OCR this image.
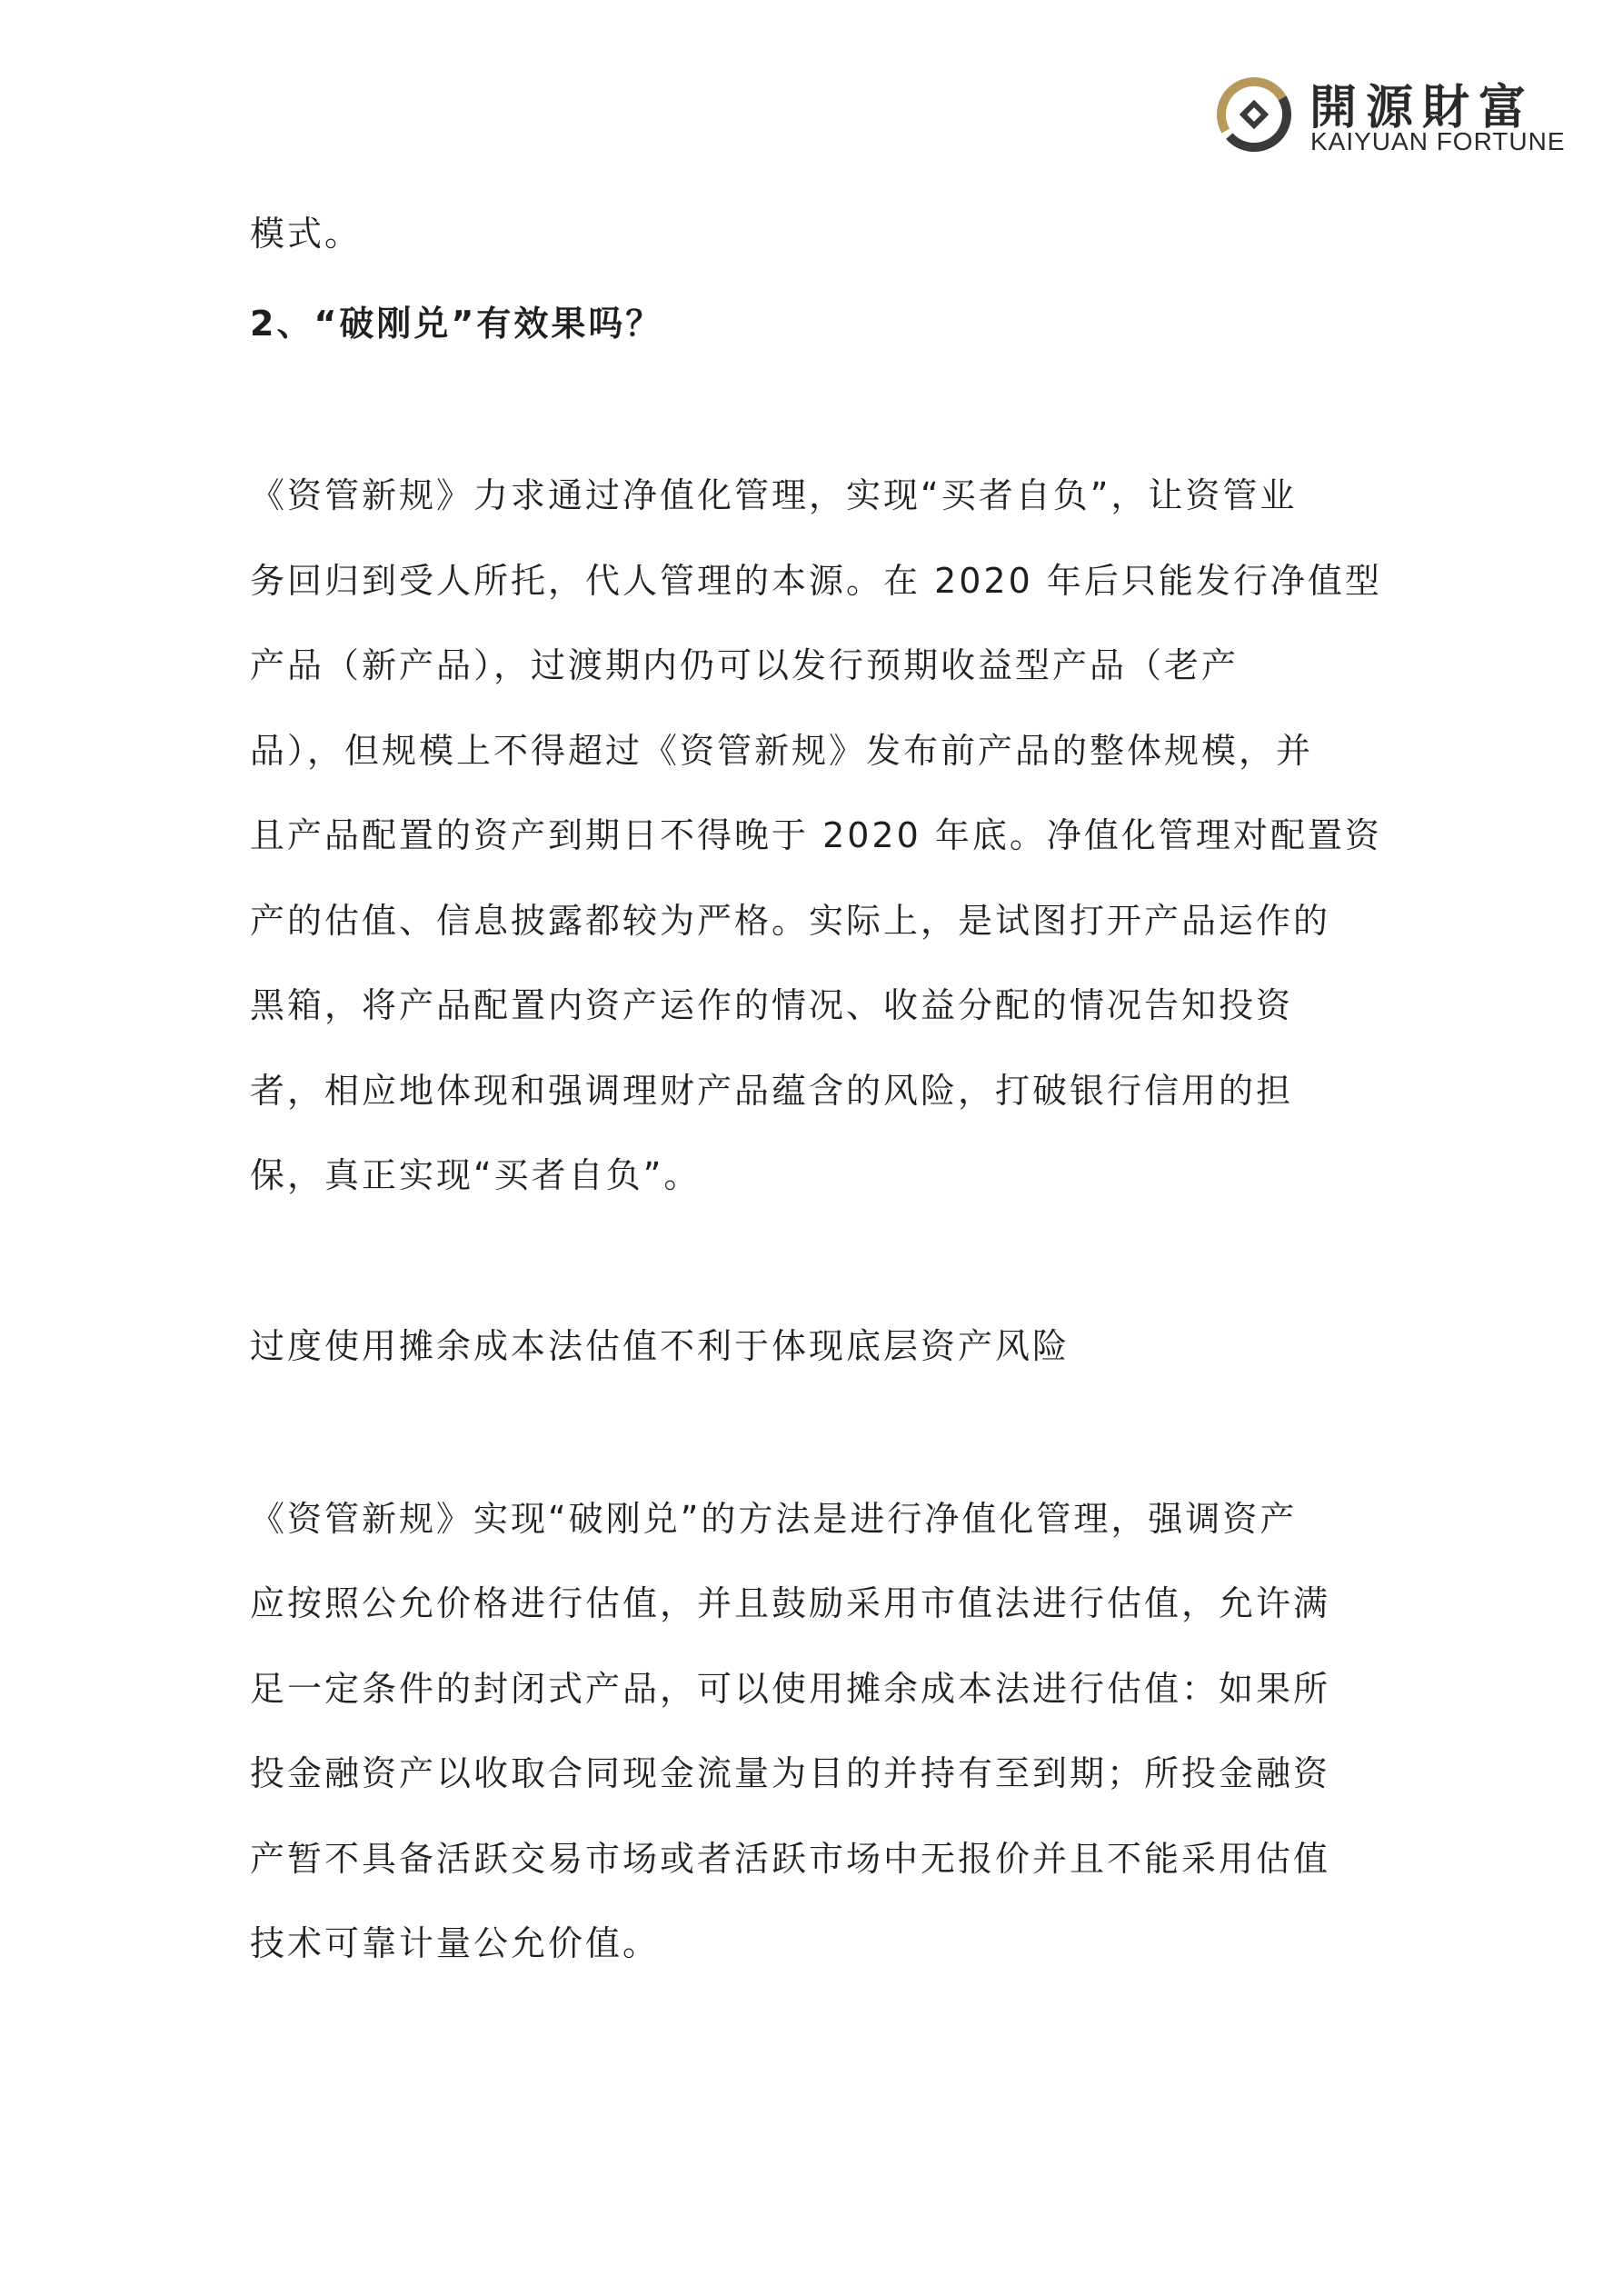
開源財富
KAIYUAN FORTUNE
模式。
2、“破刚兑”有效果吗？
《资管新规》力求通过净值化管理，实现“买者自负”，让资管业
务回归到受人所托，代人管理的本源。在 2020 年后只能发行净值型
产品（新产品），过渡期内仍可以发行预期收益型产品（老产
品），但规模上不得超过《资管新规》发布前产品的整体规模，并
且产品配置的资产到期日不得晚于 2020 年底。净值化管理对配置资
产的估值、信息披露都较为严格。实际上，是试图打开产品运作的
黑箱，将产品配置内资产运作的情况、收益分配的情况告知投资
者，相应地体现和强调理财产品蕴含的风险，打破银行信用的担
保，真正实现“买者自负”。
过度使用摊余成本法估值不利于体现底层资产风险
《资管新规》实现“破刚兑”的方法是进行净值化管理，强调资产
应按照公允价格进行估值，并且鼓励采用市值法进行估值，允许满
足一定条件的封闭式产品，可以使用摊余成本法进行估值：如果所
投金融资产以收取合同现金流量为目的并持有至到期；所投金融资
产暂不具备活跃交易市场或者活跃市场中无报价并且不能采用估值
技术可靠计量公允价值。
